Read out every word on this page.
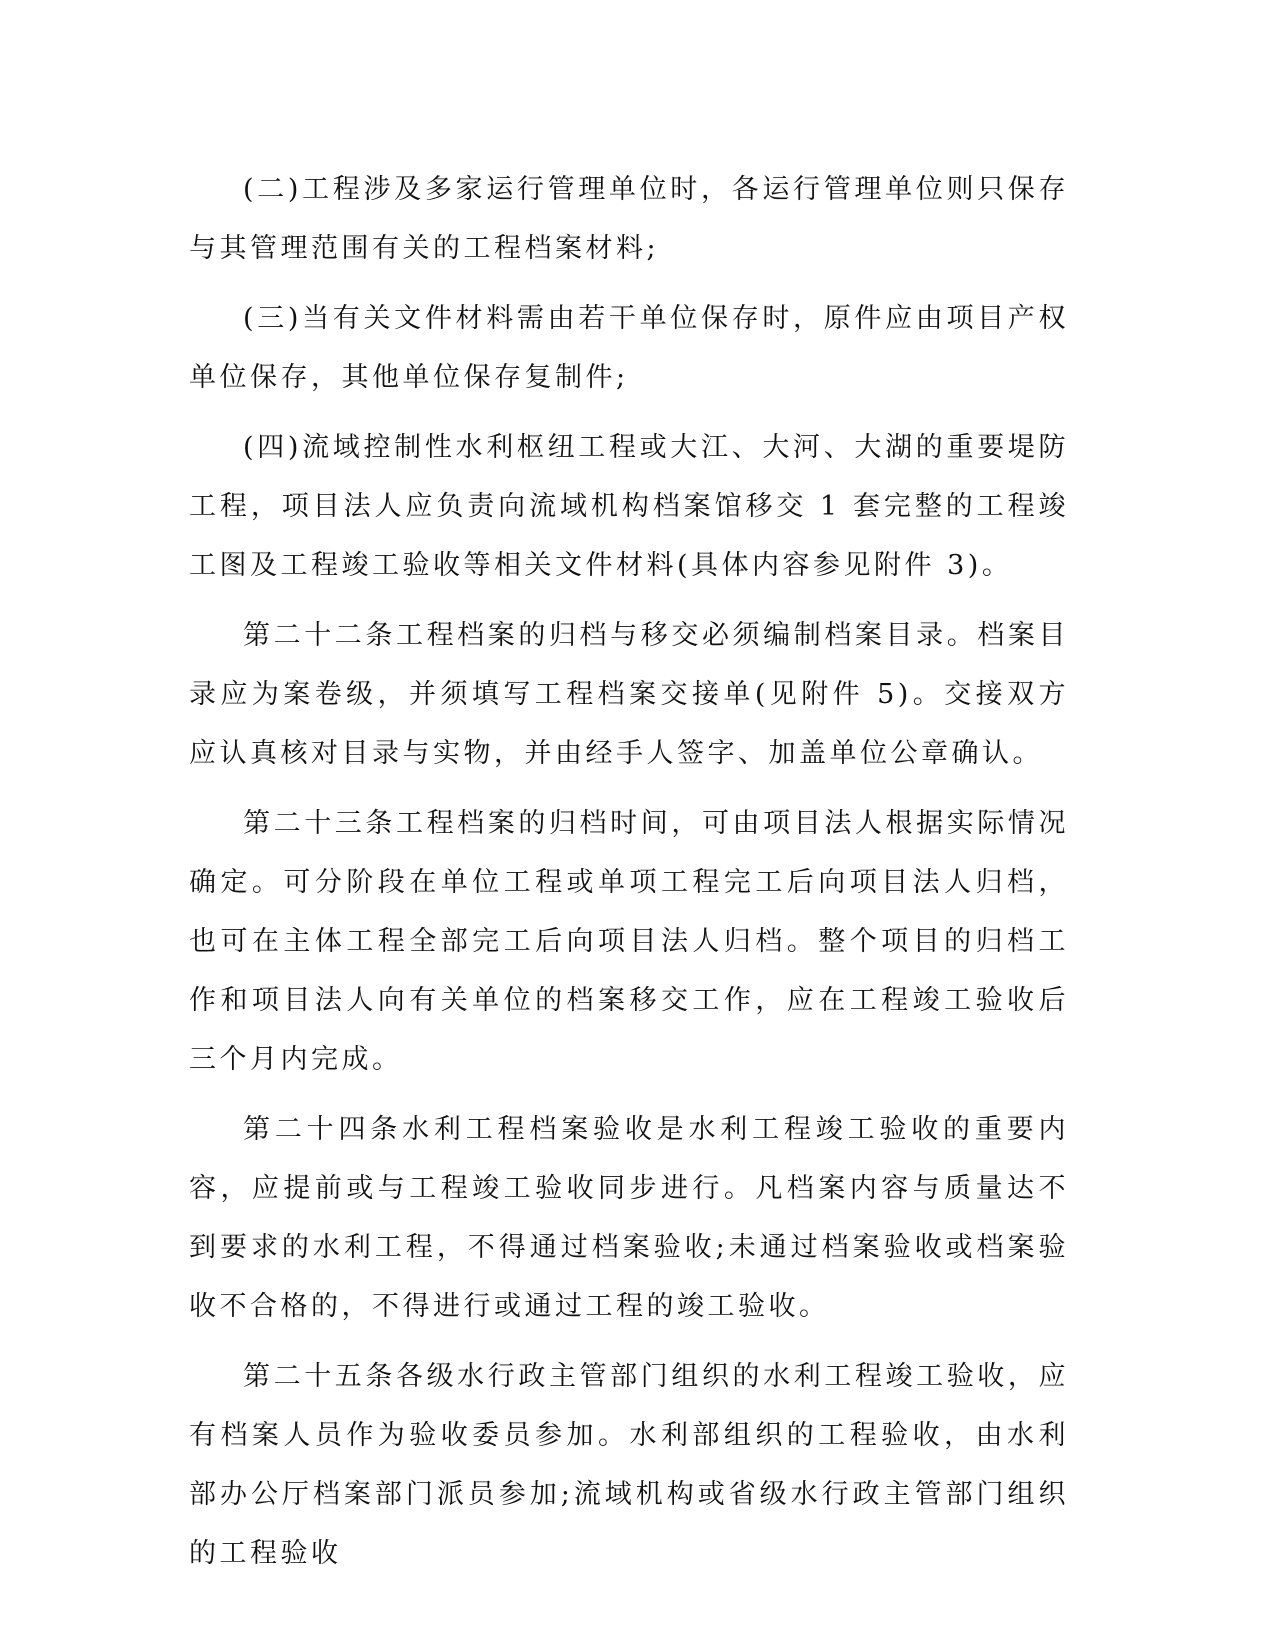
(二)工程涉及多家运行管理单位时，各运行管理单位则只保存与其管理范围有关的工程档案材料;

(三)当有关文件材料需由若干单位保存时，原件应由项目产权单位保存，其他单位保存复制件;

(四)流域控制性水利枢纽工程或大江、大河、大湖的重要堤防工程，项目法人应负责向流域机构档案馆移交 1 套完整的工程竣工图及工程竣工验收等相关文件材料(具体内容参见附件 3)。

第二十二条工程档案的归档与移交必须编制档案目录。档案目录应为案卷级，并须填写工程档案交接单(见附件 5)。交接双方应认真核对目录与实物，并由经手人签字、加盖单位公章确认。

第二十三条工程档案的归档时间，可由项目法人根据实际情况确定。可分阶段在单位工程或单项工程完工后向项目法人归档，也可在主体工程全部完工后向项目法人归档。整个项目的归档工作和项目法人向有关单位的档案移交工作，应在工程竣工验收后三个月内完成。

第二十四条水利工程档案验收是水利工程竣工验收的重要内容，应提前或与工程竣工验收同步进行。凡档案内容与质量达不到要求的水利工程，不得通过档案验收;未通过档案验收或档案验收不合格的，不得进行或通过工程的竣工验收。

第二十五条各级水行政主管部门组织的水利工程竣工验收，应有档案人员作为验收委员参加。水利部组织的工程验收，由水利部办公厅档案部门派员参加;流域机构或省级水行政主管部门组织的工程验收
